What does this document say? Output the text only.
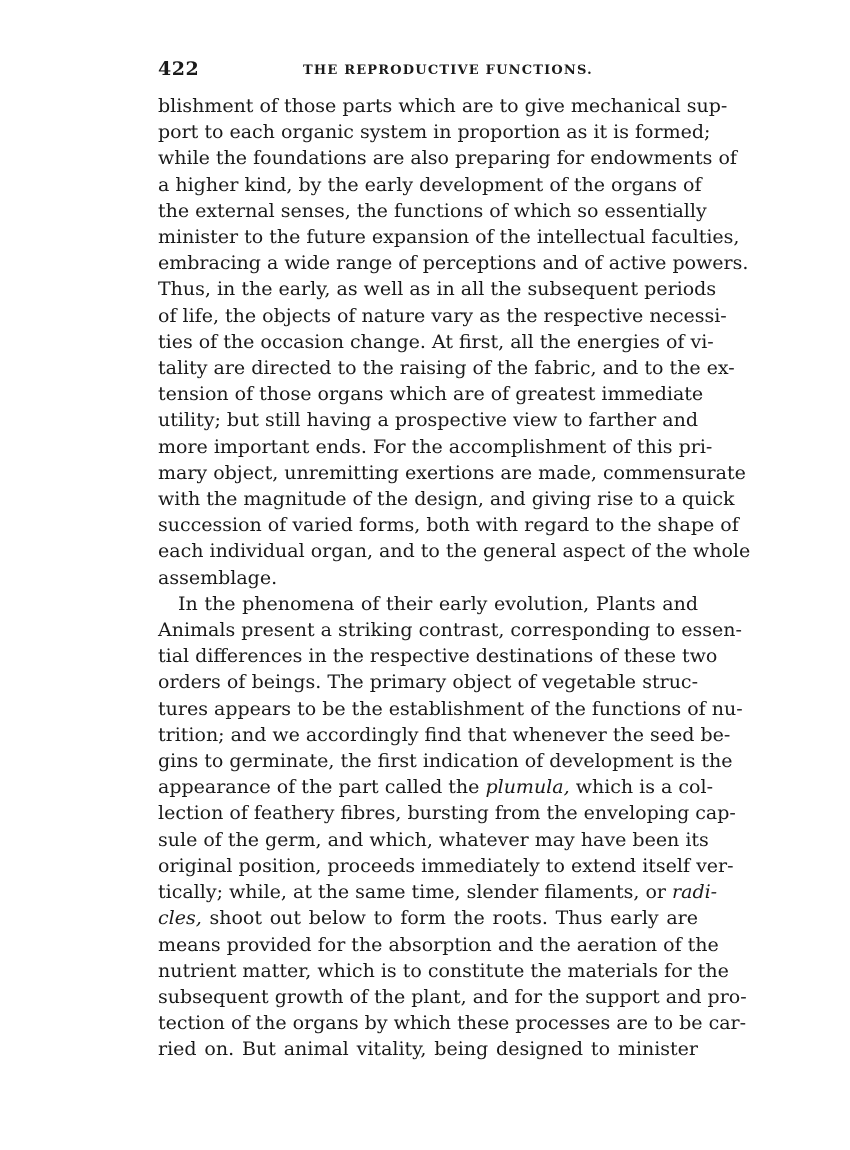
422	THE REPRODUCTIVE FUNCTIONS.
blishment of those parts which are to give mechanical sup-
port to each organic system in proportion as it is formed;
while the foundations are also preparing for endowments of
a higher kind, by the early development of the organs of
the external senses, the functions of which so essentially
minister to the future expansion of the intellectual faculties,
embracing a wide range of perceptions and of active powers.
Thus, in the early, as well as in all the subsequent periods
of life, the objects of nature vary as the respective necessi-
ties of the occasion change. At first, all the energies of vi-
tality are directed to the raising of the fabric, and to the ex-
tension of those organs which are of greatest immediate
utility; but still having a prospective view to farther and
more important ends. For the accomplishment of this pri-
mary object, unremitting exertions are made, commensurate
with the magnitude of the design, and giving rise to a quick
succession of varied forms, both with regard to the shape of
each individual organ, and to the general aspect of the whole
assemblage.
In the phenomena of their early evolution, Plants and
Animals present a striking contrast, corresponding to essen-
tial differences in the respective destinations of these two
orders of beings. The primary object of vegetable struc-
tures appears to be the establishment of the functions of nu-
trition; and we accordingly find that whenever the seed be-
gins to germinate, the first indication of development is the
appearance of the part called the plumula, which is a col-
lection of feathery fibres, bursting from the enveloping cap-
sule of the germ, and which, whatever may have been its
original position, proceeds immediately to extend itself ver-
tically; while, at the same time, slender filaments, or radi-
cles, shoot out below to form the roots. Thus early are
means provided for the absorption and the aeration of the
nutrient matter, which is to constitute the materials for the
subsequent growth of the plant, and for the support and pro-
tection of the organs by which these processes are to be car-
ried on. But animal vitality, being designed to minister
